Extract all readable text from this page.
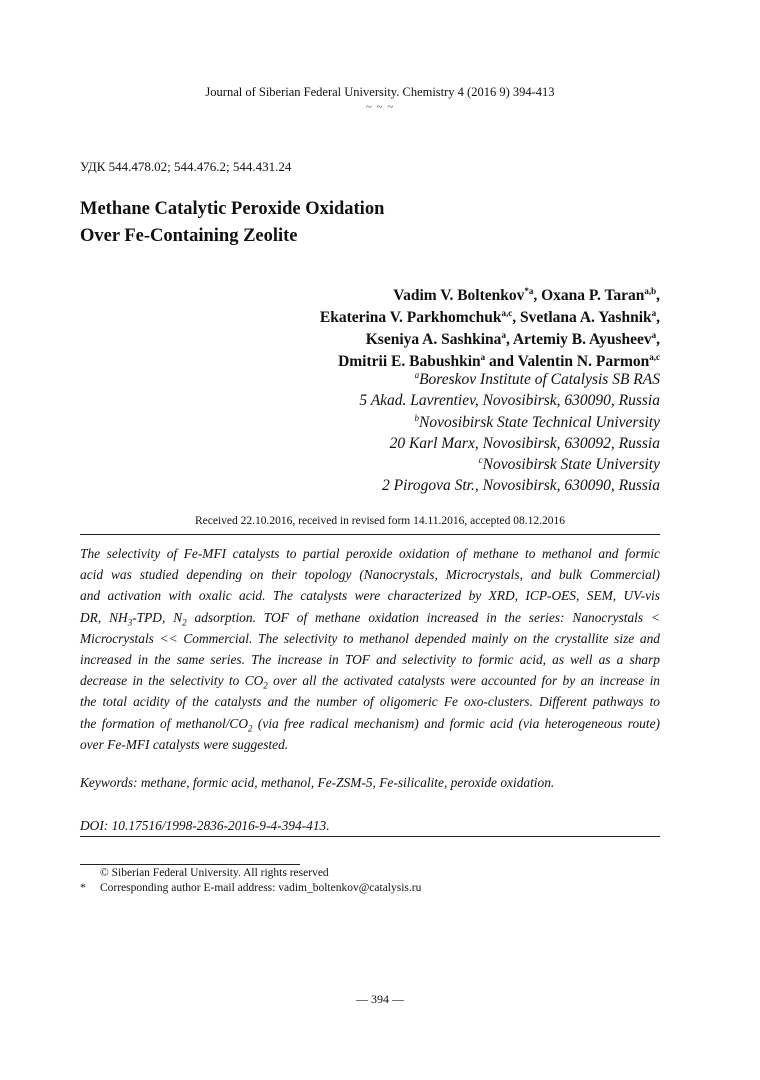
Journal of Siberian Federal University. Chemistry 4 (2016 9) 394-413
~ ~ ~
УДК 544.478.02; 544.476.2; 544.431.24
Methane Catalytic Peroxide Oxidation
Over Fe-Containing Zeolite
Vadim V. Boltenkov$^{*a}$, Oxana P. Taran$^{a,b}$,
Ekaterina V. Parkhomchuk$^{a,c}$, Svetlana A. Yashnik$^a$,
Kseniya A. Sashkina$^a$, Artemiy B. Ayusheev$^a$,
Dmitrii E. Babushkin$^a$ and Valentin N. Parmon$^{a,c}$
$^a$Boreskov Institute of Catalysis SB RAS
5 Akad. Lavrentiev, Novosibirsk, 630090, Russia
$^b$Novosibirsk State Technical University
20 Karl Marx, Novosibirsk, 630092, Russia
$^c$Novosibirsk State University
2 Pirogova Str., Novosibirsk, 630090, Russia
Received 22.10.2016, received in revised form 14.11.2016, accepted 08.12.2016
The selectivity of Fe-MFI catalysts to partial peroxide oxidation of methane to methanol and formic
acid was studied depending on their topology (Nanocrystals, Microcrystals, and bulk Commercial)
and activation with oxalic acid. The catalysts were characterized by XRD, ICP-OES, SEM, UV-vis
DR, $NH_3$-TPD, $N_2$ adsorption. TOF of methane oxidation increased in the series: Nanocrystals <
Microcrystals << Commercial. The selectivity to methanol depended mainly on the crystallite size and
increased in the same series. The increase in TOF and selectivity to formic acid, as well as a sharp
decrease in the selectivity to $CO_2$ over all the activated catalysts were accounted for by an increase in
the total acidity of the catalysts and the number of oligomeric Fe oxo-clusters. Different pathways to
the formation of methanol/$CO_2$ (via free radical mechanism) and formic acid (via heterogeneous route)
over Fe-MFI catalysts were suggested.
Keywords: methane, formic acid, methanol, Fe-ZSM-5, Fe-silicalite, peroxide oxidation.
DOI: 10.17516/1998-2836-2016-9-4-394-413.
© Siberian Federal University. All rights reserved
* Corresponding author E-mail address: vadim_boltenkov@catalysis.ru
— 394 —
